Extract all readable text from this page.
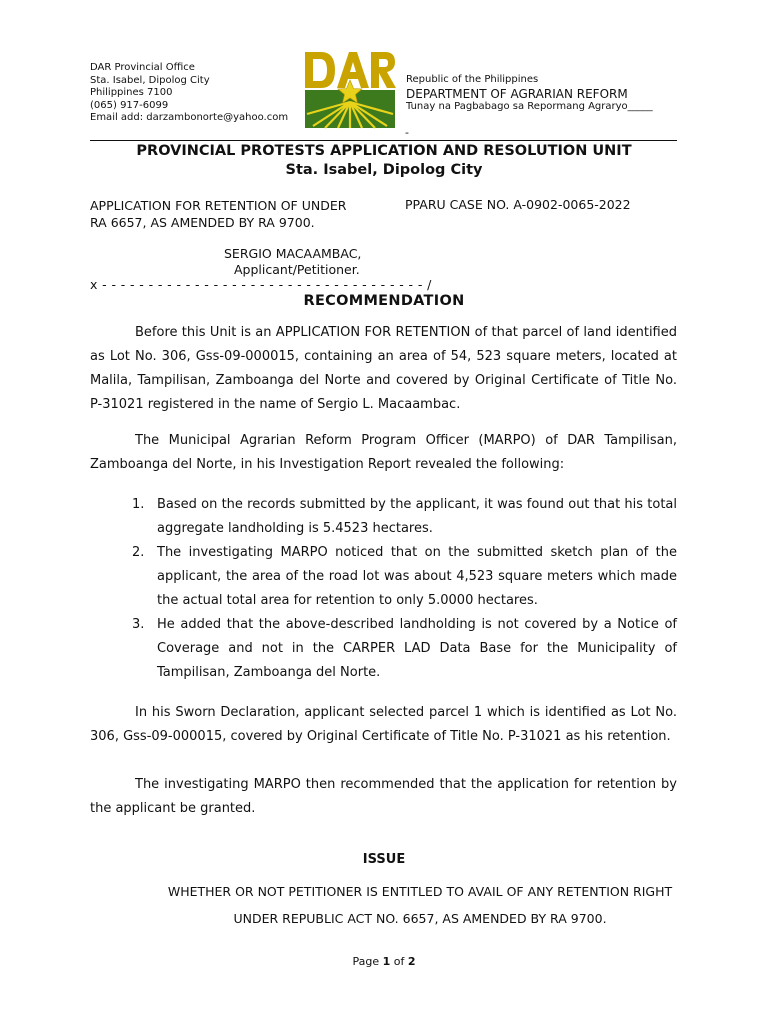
DAR Provincial Office
Sta. Isabel, Dipolog City
Philippines 7100
(065) 917-6099
Email add: darzambonorte@yahoo.com
Republic of the Philippines
DEPARTMENT OF AGRARIAN REFORM
Tunay na Pagbabago sa Repormang Agraryo_____
-
PROVINCIAL PROTESTS APPLICATION AND RESOLUTION UNIT
Sta. Isabel, Dipolog City
APPLICATION FOR RETENTION OF UNDER
RA 6657, AS AMENDED BY RA 9700.
PPARU CASE NO. A-0902-0065-2022
SERGIO MACAAMBAC,
Applicant/Petitioner.
x - - - - - - - - - - - - - - - - - - - - - - - - - - - - - - - - - - - /
RECOMMENDATION
Before this Unit is an APPLICATION FOR RETENTION of that parcel of land identified as Lot No. 306, Gss-09-000015, containing an area of 54, 523 square meters, located at Malila, Tampilisan, Zamboanga del Norte and covered by Original Certificate of Title No. P-31021 registered in the name of Sergio L. Macaambac.
The Municipal Agrarian Reform Program Officer (MARPO) of DAR Tampilisan, Zamboanga del Norte, in his Investigation Report revealed the following:
1. Based on the records submitted by the applicant, it was found out that his total aggregate landholding is 5.4523 hectares.
2. The investigating MARPO noticed that on the submitted sketch plan of the applicant, the area of the road lot was about 4,523 square meters which made the actual total area for retention to only 5.0000 hectares.
3. He added that the above-described landholding is not covered by a Notice of Coverage and not in the CARPER LAD Data Base for the Municipality of Tampilisan, Zamboanga del Norte.
In his Sworn Declaration, applicant selected parcel 1 which is identified as Lot No. 306, Gss-09-000015, covered by Original Certificate of Title No. P-31021 as his retention.
The investigating MARPO then recommended that the application for retention by the applicant be granted.
ISSUE
WHETHER OR NOT PETITIONER IS ENTITLED TO AVAIL OF ANY RETENTION RIGHT UNDER REPUBLIC ACT NO. 6657, AS AMENDED BY RA 9700.
Page 1 of 2
